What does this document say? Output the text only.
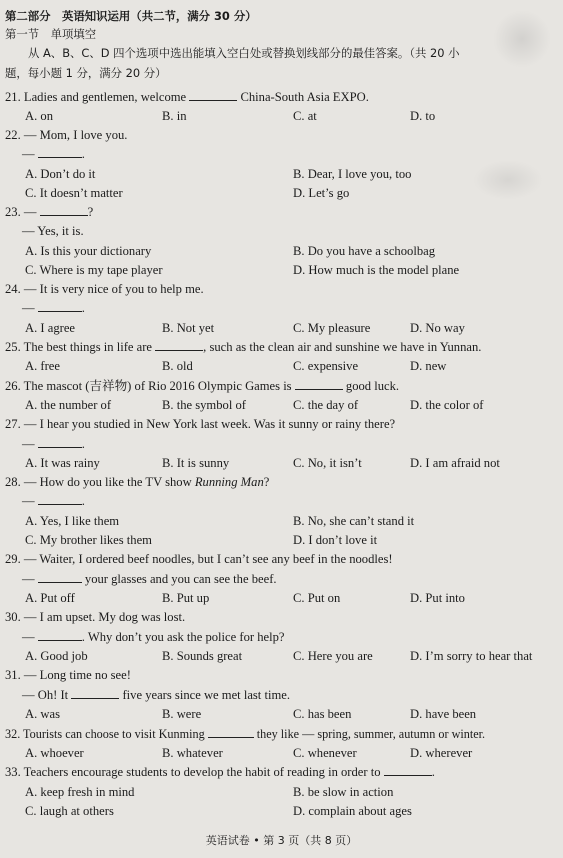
第二部分　英语知识运用（共二节，满分 30 分）
第一节　单项填空
从 A、B、C、D 四个选项中选出能填入空白处或替换划线部分的最佳答案。（共 20 小
题，每小题 1 分，满分 20 分）
21. Ladies and gentlemen, welcome	China-South Asia EXPO.
A. on	B. in	C. at	D. to
22. — Mom, I love you.
—	.
A. Don’t do it	B. Dear, I love you, too
C. It doesn’t matter	D. Let’s go
23. —	?
— Yes, it is.
A. Is this your dictionary	B. Do you have a schoolbag
C. Where is my tape player	D. How much is the model plane
24. — It is very nice of you to help me.
—	.
A. I agree	B. Not yet	C. My pleasure	D. No way
25. The best things in life are	, such as the clean air and sunshine we have in Yunnan.
A. free	B. old	C. expensive	D. new
26. The mascot (吉祥物) of Rio 2016 Olympic Games is	good luck.
A. the number of	B. the symbol of	C. the day of	D. the color of
27. — I hear you studied in New York last week. Was it sunny or rainy there?
—	.
A. It was rainy	B. It is sunny	C. No, it isn’t	D. I am afraid not
28. — How do you like the TV show Running Man?
—	.
A. Yes, I like them	B. No, she can’t stand it
C. My brother likes them	D. I don’t love it
29. — Waiter, I ordered beef noodles, but I can’t see any beef in the noodles!
—	your glasses and you can see the beef.
A. Put off	B. Put up	C. Put on	D. Put into
30. — I am upset. My dog was lost.
—	. Why don’t you ask the police for help?
A. Good job	B. Sounds great	C. Here you are	D. I’m sorry to hear that
31. — Long time no see!
— Oh! It	five years since we met last time.
A. was	B. were	C. has been	D. have been
32. Tourists can choose to visit Kunming	they like — spring, summer, autumn or winter.
A. whoever	B. whatever	C. whenever	D. wherever
33. Teachers encourage students to develop the habit of reading in order to	.
A. keep fresh in mind	B. be slow in action
C. laugh at others	D. complain about ages
英语试卷 • 第 3 页（共 8 页）
